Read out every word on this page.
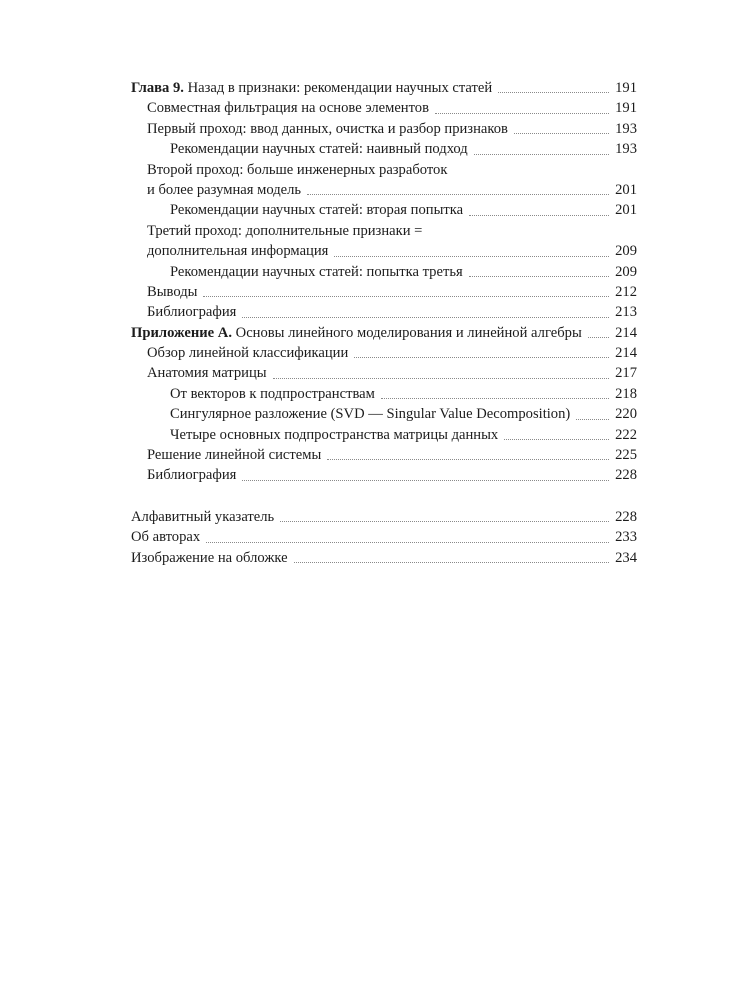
Глава 9. Назад в признаки: рекомендации научных статей	191
Совместная фильтрация на основе элементов	191
Первый проход: ввод данных, очистка и разбор признаков	193
Рекомендации научных статей: наивный подход	193
Второй проход: больше инженерных разработок
и более разумная модель	201
Рекомендации научных статей: вторая попытка	201
Третий проход: дополнительные признаки =
дополнительная информация	209
Рекомендации научных статей: попытка третья	209
Выводы	212
Библиография	213
Приложение А. Основы линейного моделирования и линейной алгебры 214
Обзор линейной классификации	214
Анатомия матрицы	217
От векторов к подпространствам	218
Сингулярное разложение (SVD — Singular Value Decomposition)	220
Четыре основных подпространства матрицы данных	222
Решение линейной системы	225
Библиография	228
Алфавитный указатель	228
Об авторах	233
Изображение на обложке	234
